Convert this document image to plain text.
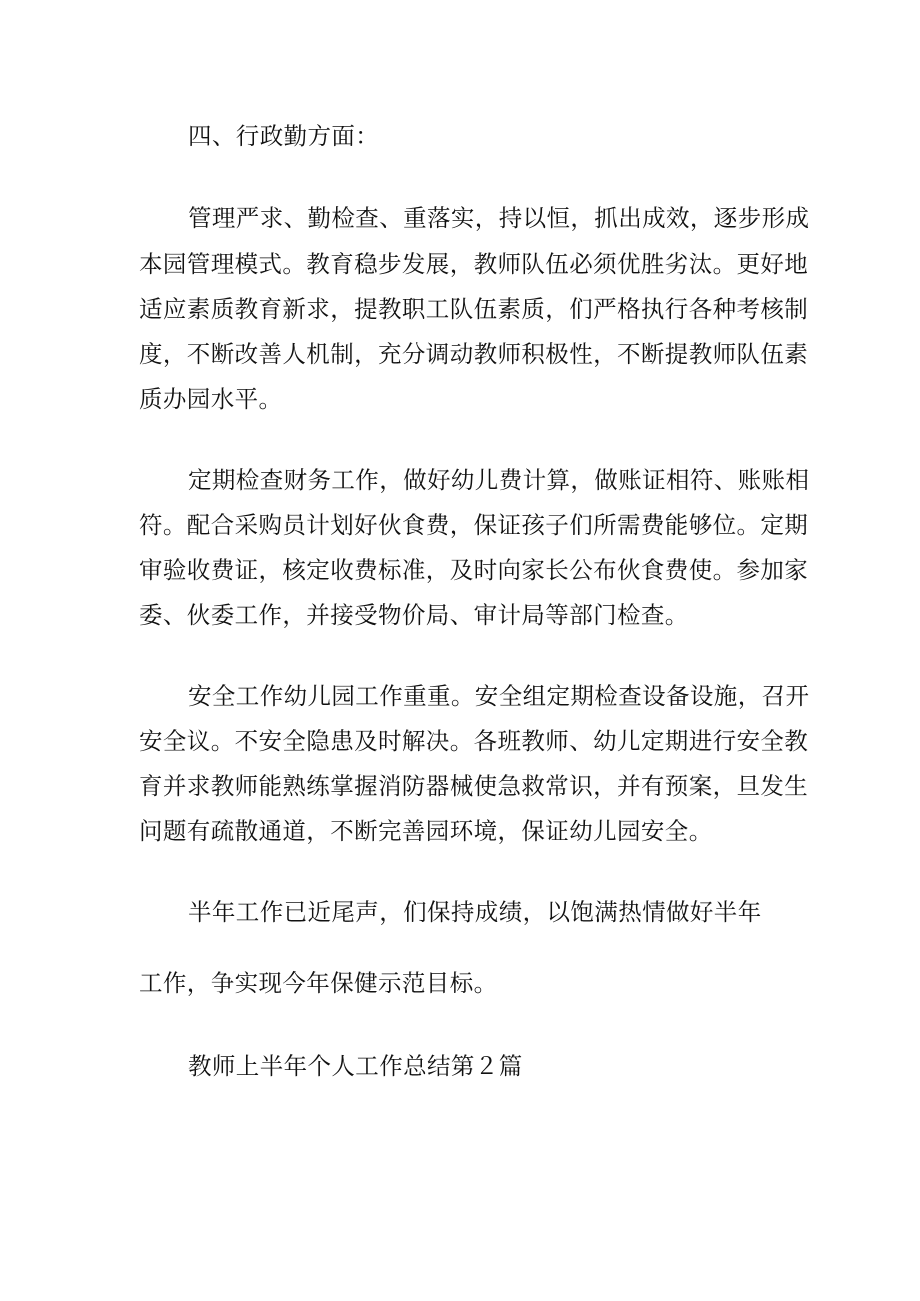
四、行政勤方面：
管理严求、勤检查、重落实，持以恒，抓出成效，逐步形成
本园管理模式。教育稳步发展，教师队伍必须优胜劣汰。更好地
适应素质教育新求，提教职工队伍素质，们严格执行各种考核制
度，不断改善人机制，充分调动教师积极性，不断提教师队伍素
质办园水平。
定期检查财务工作，做好幼儿费计算，做账证相符、账账相
符。配合采购员计划好伙食费，保证孩子们所需费能够位。定期
审验收费证，核定收费标准，及时向家长公布伙食费使。参加家
委、伙委工作，并接受物价局、审计局等部门检查。
安全工作幼儿园工作重重。安全组定期检查设备设施，召开
安全议。不安全隐患及时解决。各班教师、幼儿定期进行安全教
育并求教师能熟练掌握消防器械使急救常识，并有预案，旦发生
问题有疏散通道，不断完善园环境，保证幼儿园安全。
半年工作已近尾声，们保持成绩，以饱满热情做好半年
工作，争实现今年保健示范目标。
教师上半年个人工作总结第２篇
